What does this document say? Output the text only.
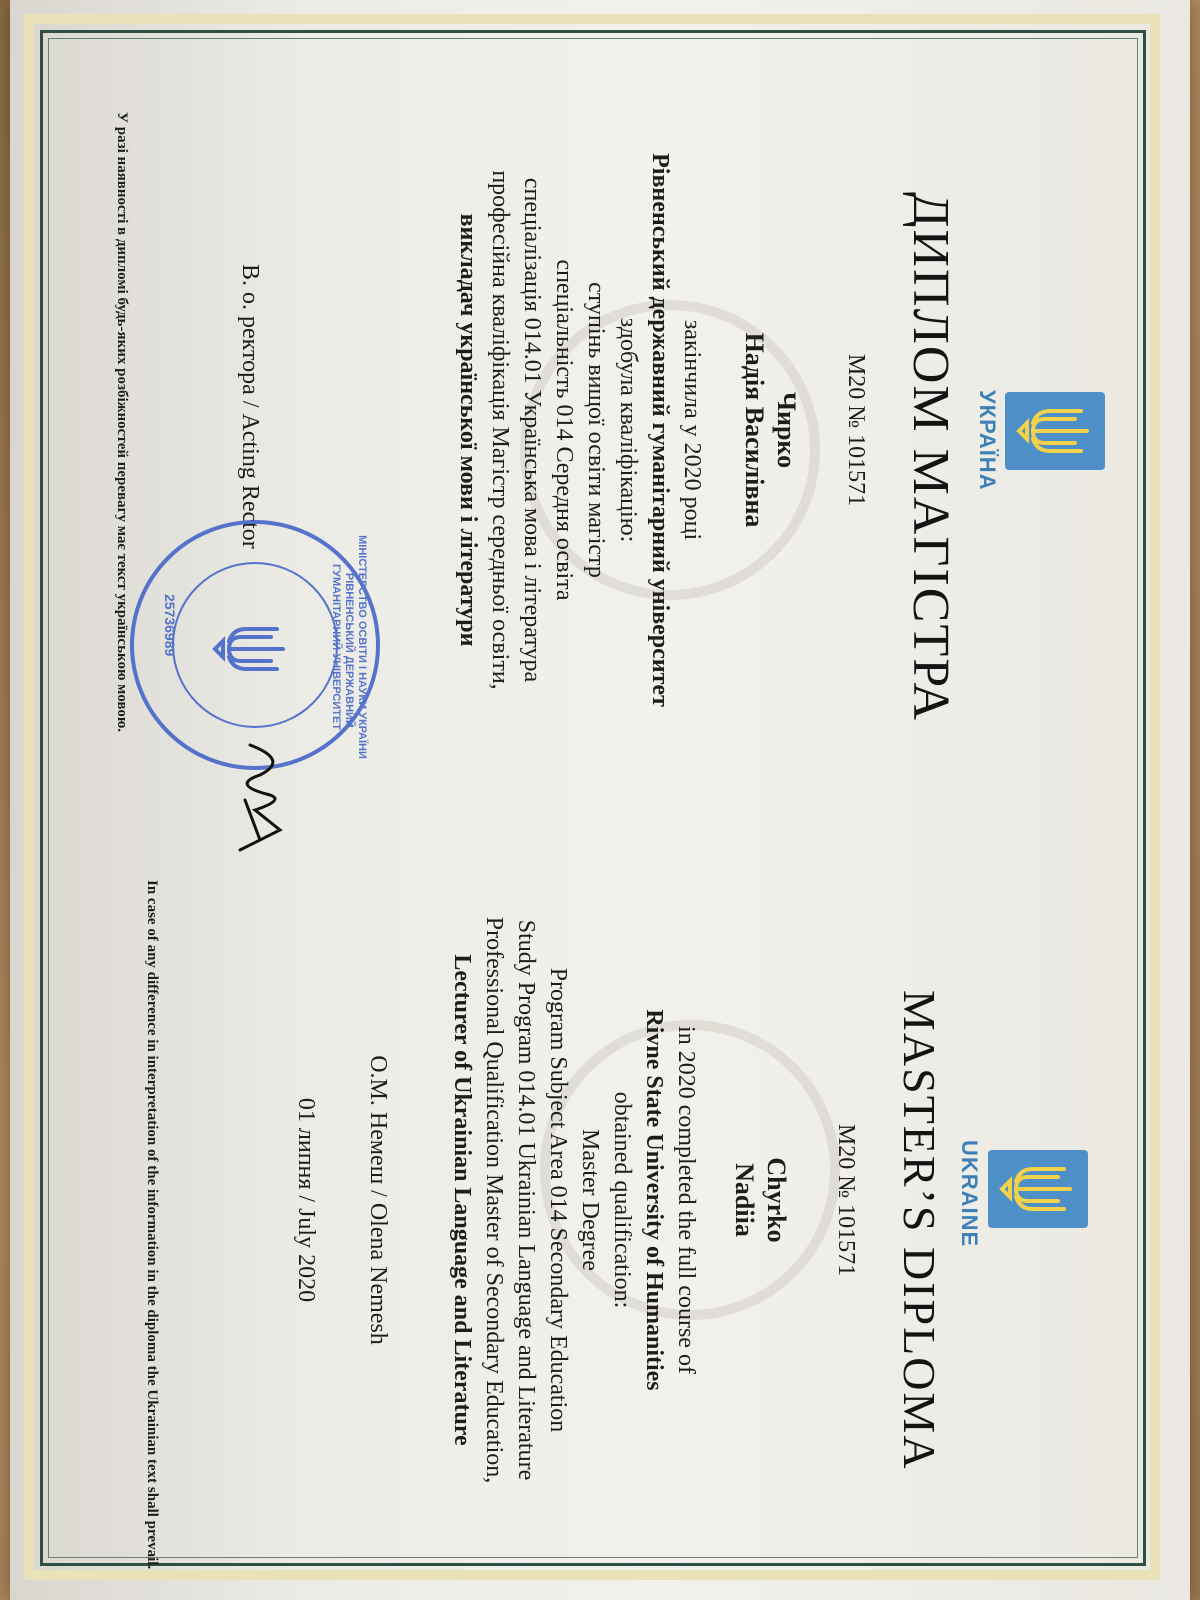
УКРАЇНА
ДИПЛОМ МАГІСТРА
М20 № 101571
Чирко
Надія Василівна
закінчила у 2020 році
Рівненський державний гуманітарний університет
здобула кваліфікацію:
ступінь вищої освіти магістр
спеціальність 014 Середня освіта
спеціалізація 014.01 Українська мова і література
професійна кваліфікація Магістр середньої освіти,
викладач української мови і літератури
В. о. ректора / Acting Rector
У разі наявності в дипломі будь-яких розбіжностей перевагу має текст українською мовою.	МІНІСТЕРСТВО ОСВІТИ І НАУКИ УКРАЇНИ · РІВНЕНСЬКИЙ ДЕРЖАВНИЙ ГУМАНІТАРНИЙ УНІВЕРСИТЕТ
25736989
UKRAINE
MASTER’S DIPLOMA
М20 № 101571
Chyrko
Nadiia
in 2020 completed the full course of
Rivne State University of Humanities
obtained qualification:
Master Degree
Program Subject Area 014 Secondary Education
Study Program 014.01 Ukrainian Language and Literature
Professional Qualification Master of Secondary Education,
Lecturer of Ukrainian Language and Literature
О.М. Немеш / Olena Nemesh
01 липня / July 2020
In case of any difference in interpretation of the information in the diploma the Ukrainian text shall prevail.
